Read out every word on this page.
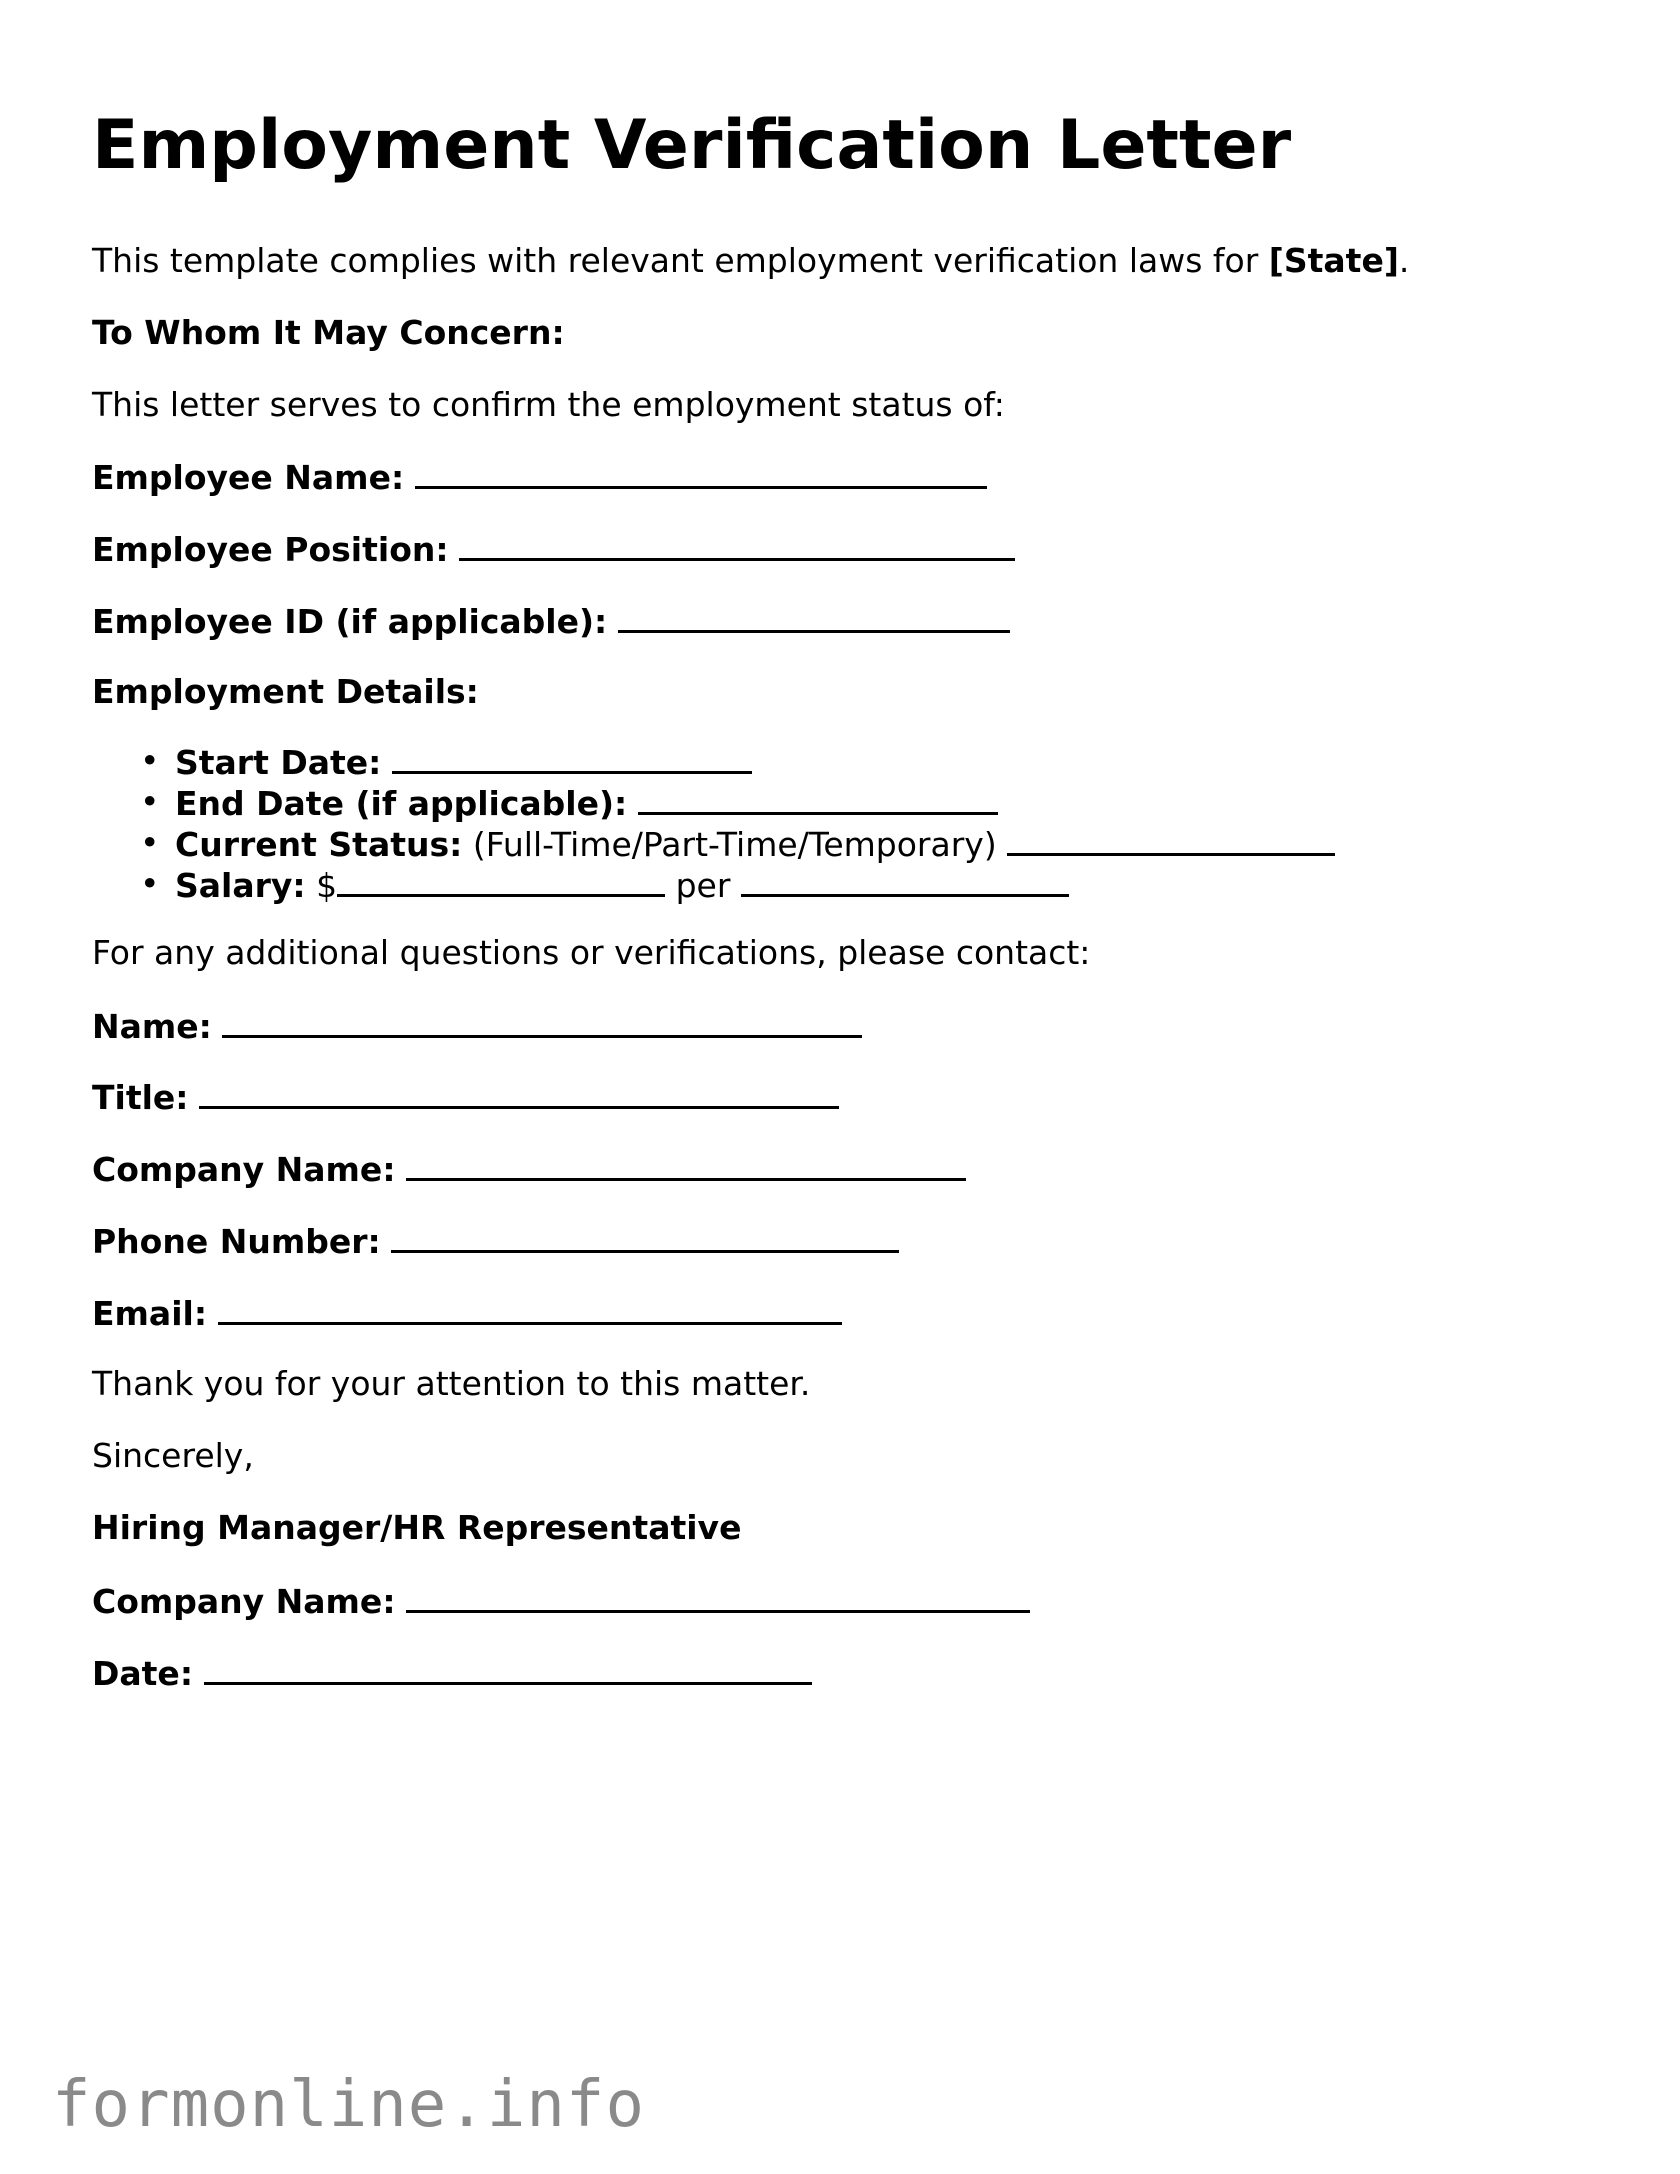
Employment Verification Letter
This template complies with relevant employment verification laws for [State].
To Whom It May Concern:
This letter serves to confirm the employment status of:
Employee Name:
Employee Position:
Employee ID (if applicable):
Employment Details:
• Start Date:
• End Date (if applicable):
• Current Status: (Full-Time/Part-Time/Temporary)
• Salary: $	per
For any additional questions or verifications, please contact:
Name:
Title:
Company Name:
Phone Number:
Email:
Thank you for your attention to this matter.
Sincerely,
Hiring Manager/HR Representative
Company Name:
Date:
formonline.info
